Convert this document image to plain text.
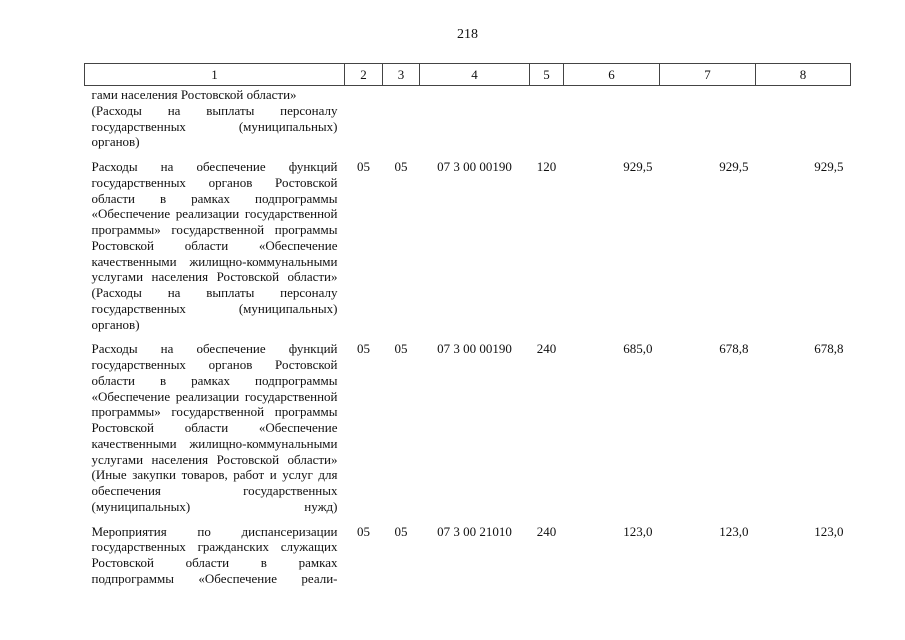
218
1	2	3	4	5	6	7	8

гами населения Ростовской области»
(Расходы на выплаты персоналу государственных (муниципальных) органов)							
Расходы на обеспечение функций государственных органов Ростовской области в рамках подпрограммы «Обеспечение реализации государственной программы» государственной программы Ростовской области «Обеспечение качественными жилищно-коммунальными услугами населения Ростовской области» (Расходы на выплаты персоналу государственных (муниципальных) органов)	05	05	07 3 00 00190	120	929,5	929,5	929,5
Расходы на обеспечение функций государственных органов Ростовской области в рамках подпрограммы «Обеспечение реализации государственной программы» государственной программы Ростовской области «Обеспечение качественными жилищно-коммунальными услугами населения Ростовской области» (Иные закупки товаров, работ и услуг для обеспечения государственных (муниципальных) нужд)	05	05	07 3 00 00190	240	685,0	678,8	678,8
Мероприятия по диспансеризации государственных гражданских служащих Ростовской области в рамках подпрограммы «Обеспечение реали-	05	05	07 3 00 21010	240	123,0	123,0	123,0
